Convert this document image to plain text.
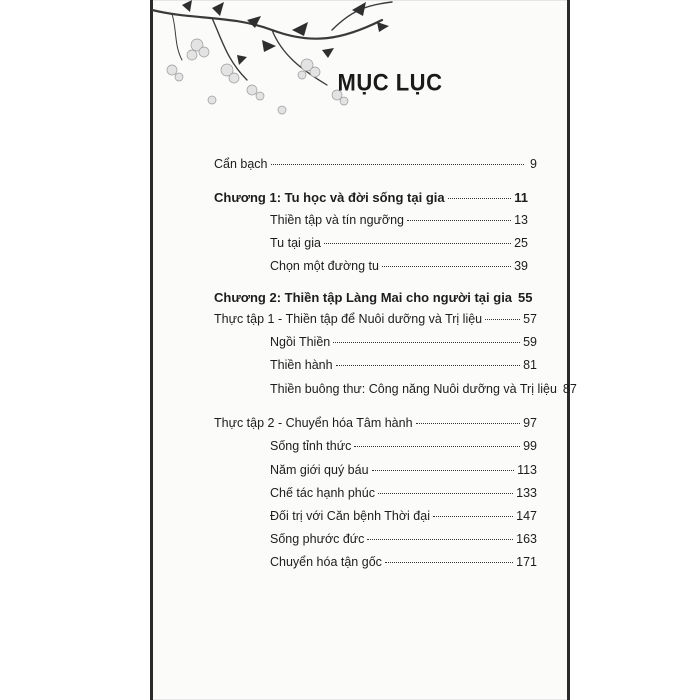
MỤC LỤC
Cẩn bạch	9
Chương 1: Tu học và đời sống tại gia	11
Thiền tập và tín ngưỡng	13
Tu tại gia	25
Chọn một đường tu	39
Chương 2: Thiền tập Làng Mai cho người tại gia 55
Thực tập 1 - Thiền tập để Nuôi dưỡng và Trị liệu	57
Ngồi Thiền	59
Thiền hành	81
Thiền buông thư: Công năng Nuôi dưỡng và Trị liệu 87
Thực tập 2 - Chuyển hóa Tâm hành	97
Sống tỉnh thức	99
Năm giới quý báu	113
Chế tác hạnh phúc	133
Đối trị với Căn bệnh Thời đại	147
Sống phước đức	163
Chuyển hóa tận gốc	171
